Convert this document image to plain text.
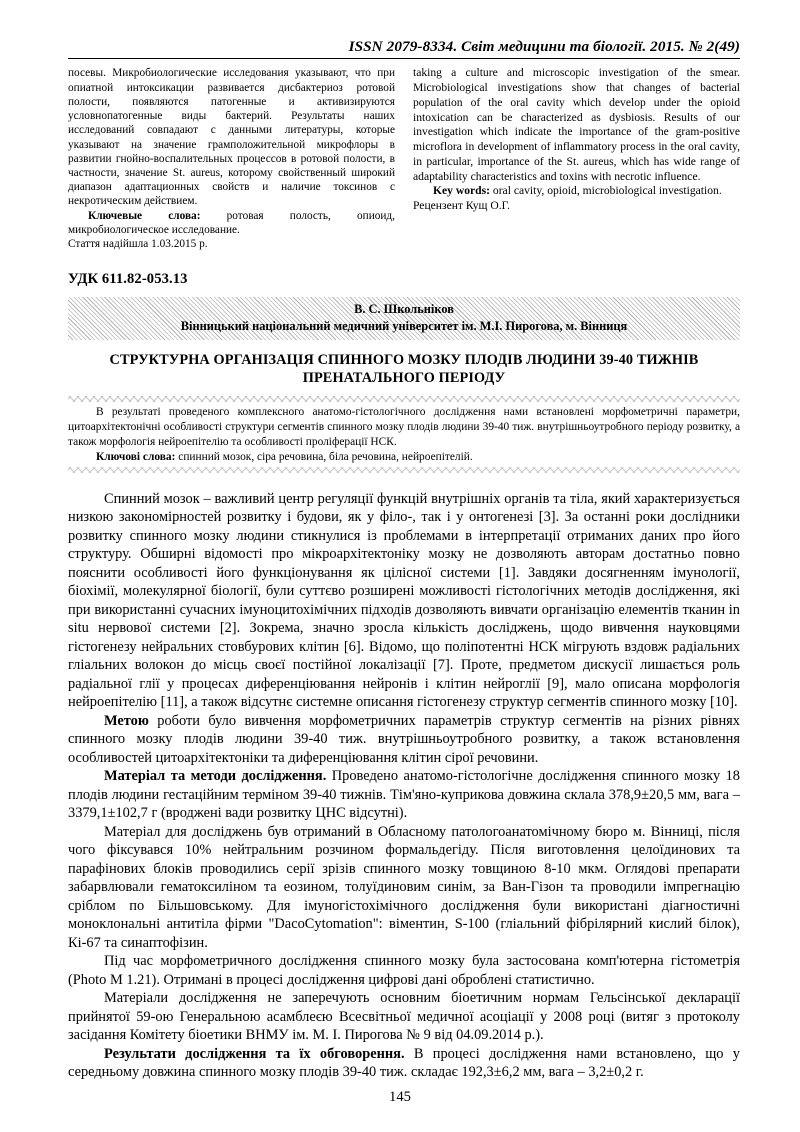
ISSN 2079-8334. Світ медицини та біології. 2015. № 2(49)

посевы. Микробиологические исследования указывают, что при опиатной интоксикации развивается дисбактериоз ротовой полости, появляются патогенные и активизируются условнопатогенные виды бактерий. Результаты наших исследований совпадают с данными литературы, которые указывают на значение грамположительной микрофлоры в развитии гнойно-воспалительных процессов в ротовой полости, в частности, значение St. aureus, которому свойственный широкий диапазон адаптационных свойств и наличие токсинов с некротическим действием.

Ключевые слова: ротовая полость, опиоид, микробиологическое исследование.

Стаття надійшла 1.03.2015 р.

taking a culture and microscopic investigation of the smear. Microbiological investigations show that changes of bacterial population of the oral cavity which develop under the opioid intoxication can be characterized as dysbiosis. Results of our investigation which indicate the importance of the gram-positive microflora in development of inflammatory process in the oral cavity, in particular, importance of the St. aureus, which has wide range of adaptability characteristics and toxins with necrotic influence.

Key words: oral cavity, opioid, microbiological investigation.

Рецензент Кущ О.Г.

УДК 611.82-053.13
В. С. Школьніков
Вінницький національний медичний університет ім. М.І. Пирогова, м. Вінниця
СТРУКТУРНА ОРГАНІЗАЦІЯ СПИННОГО МОЗКУ ПЛОДІВ ЛЮДИНИ 39-40 ТИЖНІВ
ПРЕНАТАЛЬНОГО ПЕРІОДУ

В результаті проведеного комплексного анатомо-гістологічного дослідження нами встановлені морфометричні параметри, цитоархітектонічні особливості структури сегментів спинного мозку плодів людини 39-40 тиж. внутрішньоутробного періоду розвитку, а також морфологія нейроепітелію та особливості проліферації НСК.

Ключові слова: спинний мозок, сіра речовина, біла речовина, нейроепітелій.

Спинний мозок – важливий центр регуляції функцій внутрішніх органів та тіла, який характеризується низкою закономірностей розвитку і будови, як у філо-, так і у онтогенезі [3]. За останні роки дослідники розвитку спинного мозку людини стикнулися із проблемами в інтерпретації отриманих даних про його структуру. Обширні відомості про мікроархітектоніку мозку не дозволяють авторам достатньо повно пояснити особливості його функціонування як цілісної системи [1]. Завдяки досягненням імунології, біохімії, молекулярної біології, були суттєво розширені можливості гістологічних методів дослідження, які при використанні сучасних імуноцитохімічних підходів дозволяють вивчати організацію елементів тканин in situ нервової системи [2]. Зокрема, значно зросла кількість досліджень, щодо вивчення науковцями гістогенезу нейральних стовбурових клітин [6]. Відомо, що поліпотентні НСК мігрують вздовж радіальних гліальних волокон до місць своєї постійної локалізації [7]. Проте, предметом дискусії лишається роль радіальної глії у процесах диференціювання нейронів і клітин нейроглії [9], мало описана морфологія нейроепітелію [11], а також відсутнє системне описання гістогенезу структур сегментів спинного мозку [10].

Метою роботи було вивчення морфометричних параметрів структур сегментів на різних рівнях спинного мозку плодів людини 39-40 тиж. внутрішньоутробного розвитку, а також встановлення особливостей цитоархітектоніки та диференціювання клітин сірої речовини.

Матеріал та методи дослідження. Проведено анатомо-гістологічне дослідження спинного мозку 18 плодів людини гестаційним терміном 39-40 тижнів. Тім'яно-куприкова довжина склала 378,9±20,5 мм, вага – 3379,1±102,7 г (вроджені вади розвитку ЦНС відсутні).

Матеріал для досліджень був отриманий в Обласному патологоанатомічному бюро м. Вінниці, після чого фіксувався 10% нейтральним розчином формальдегіду. Після виготовлення целоїдинових та парафінових блоків проводились серії зрізів спинного мозку товщиною 8-10 мкм. Оглядові препарати забарвлювали гематоксиліном та еозином, толуїдиновим синім, за Ван-Гізон та проводили імпрегнацію сріблом по Більшовському. Для імуногістохімічного дослідження були використані діагностичні моноклональні антитіла фірми "DacoCytomation": віментин, S-100 (гліальний фібрілярний кислий білок), Кі-67 та синаптофізин.

Під час морфометричного дослідження спинного мозку була застосована комп'ютерна гістометрія (Photo M 1.21). Отримані в процесі дослідження цифрові дані оброблені статистично.

Матеріали дослідження не заперечують основним біоетичним нормам Гельсінської декларації прийнятої 59-ою Генеральною асамблеєю Всесвітньої медичної асоціації у 2008 році (витяг з протоколу засідання Комітету біоетики ВНМУ ім. М. І. Пирогова № 9 від 04.09.2014 р.).

Результати дослідження та їх обговорення. В процесі дослідження нами встановлено, що у середньому довжина спинного мозку плодів 39-40 тиж. складає 192,3±6,2 мм, вага – 3,2±0,2 г.

145
